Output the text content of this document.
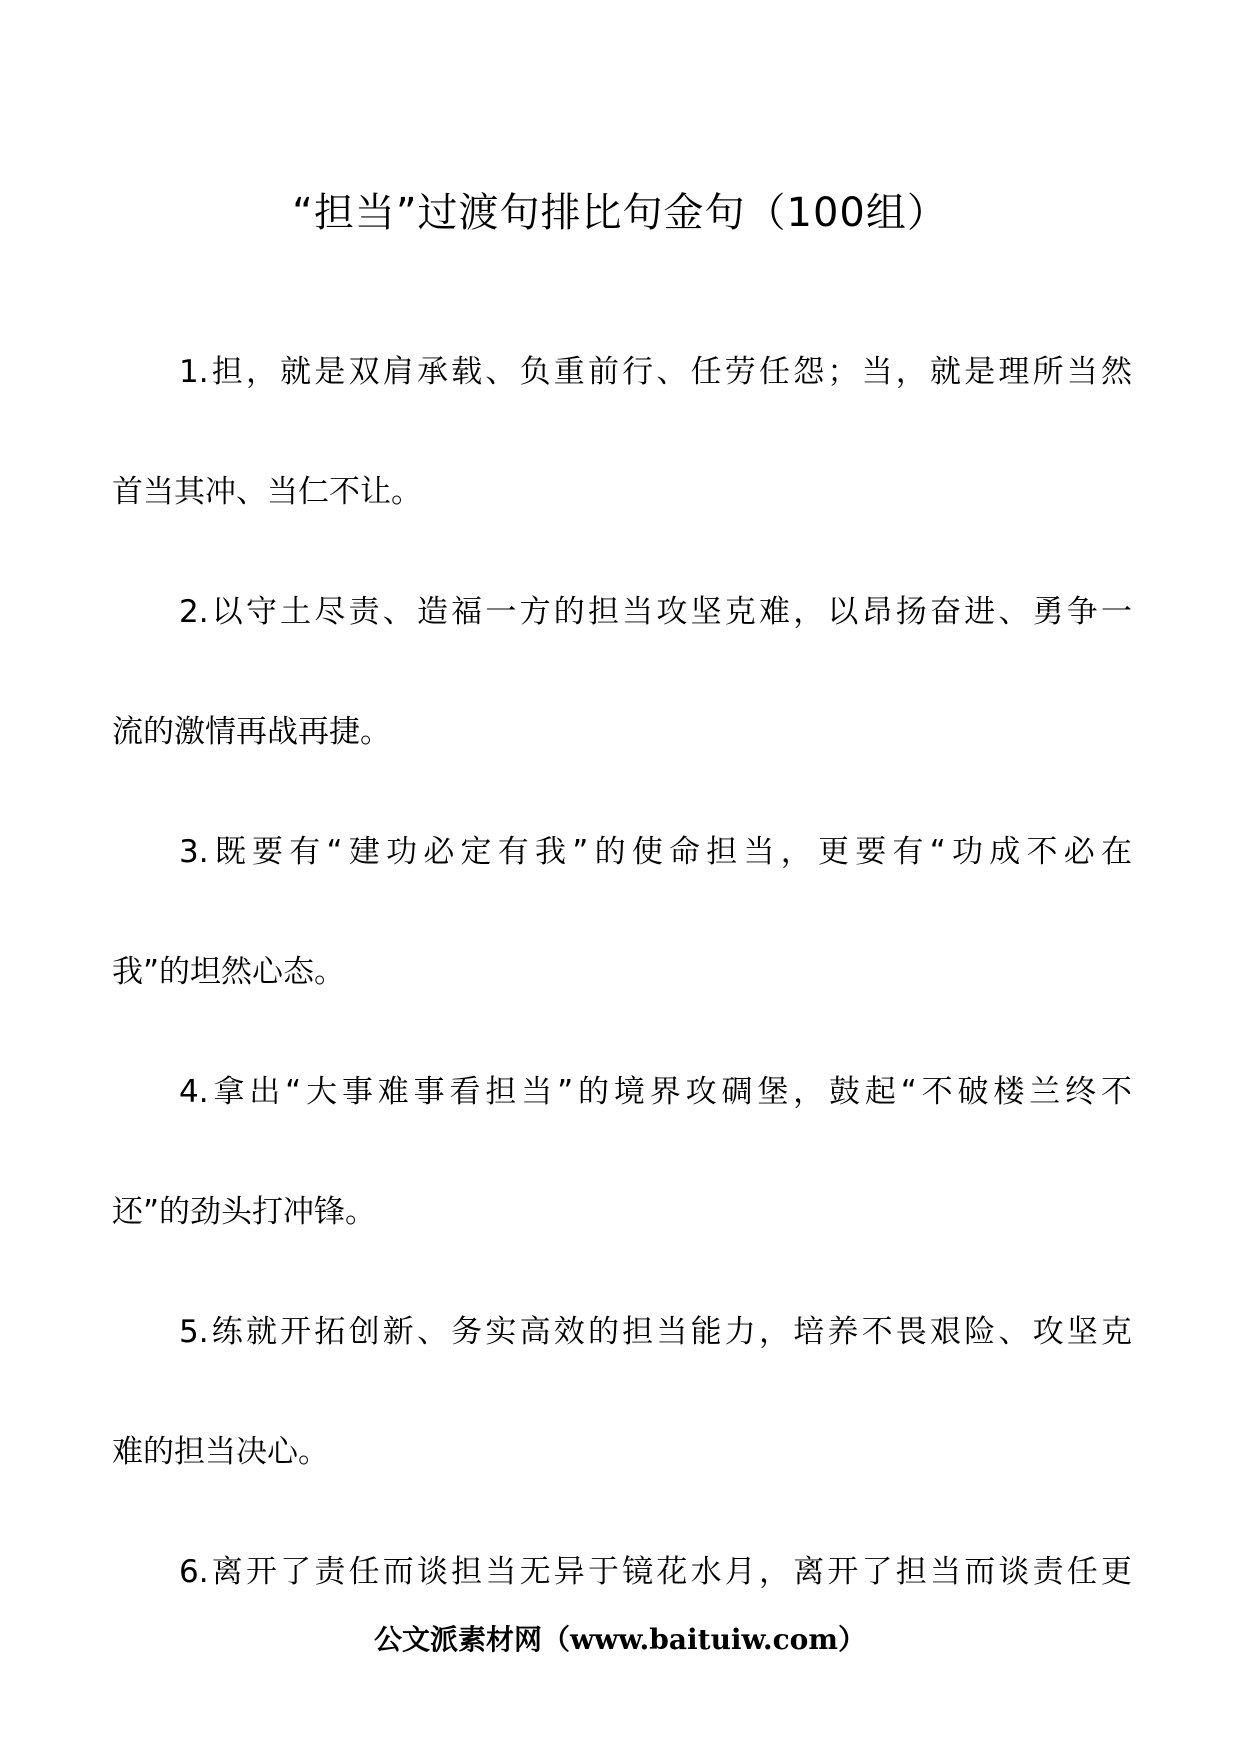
“担当”过渡句排比句金句（100组）

1.担，就是双肩承载、负重前行、任劳任怨；当，就是理所当然

首当其冲、当仁不让。

2.以守土尽责、造福一方的担当攻坚克难，以昂扬奋进、勇争一

流的激情再战再捷。

3.既要有“建功必定有我”的使命担当，更要有“功成不必在

我”的坦然心态。

4.拿出“大事难事看担当”的境界攻碉堡，鼓起“不破楼兰终不

还”的劲头打冲锋。

5.练就开拓创新、务实高效的担当能力，培养不畏艰险、攻坚克

难的担当决心。

6.离开了责任而谈担当无异于镜花水月，离开了担当而谈责任更

公文派素材网（www.baituiw.com）
